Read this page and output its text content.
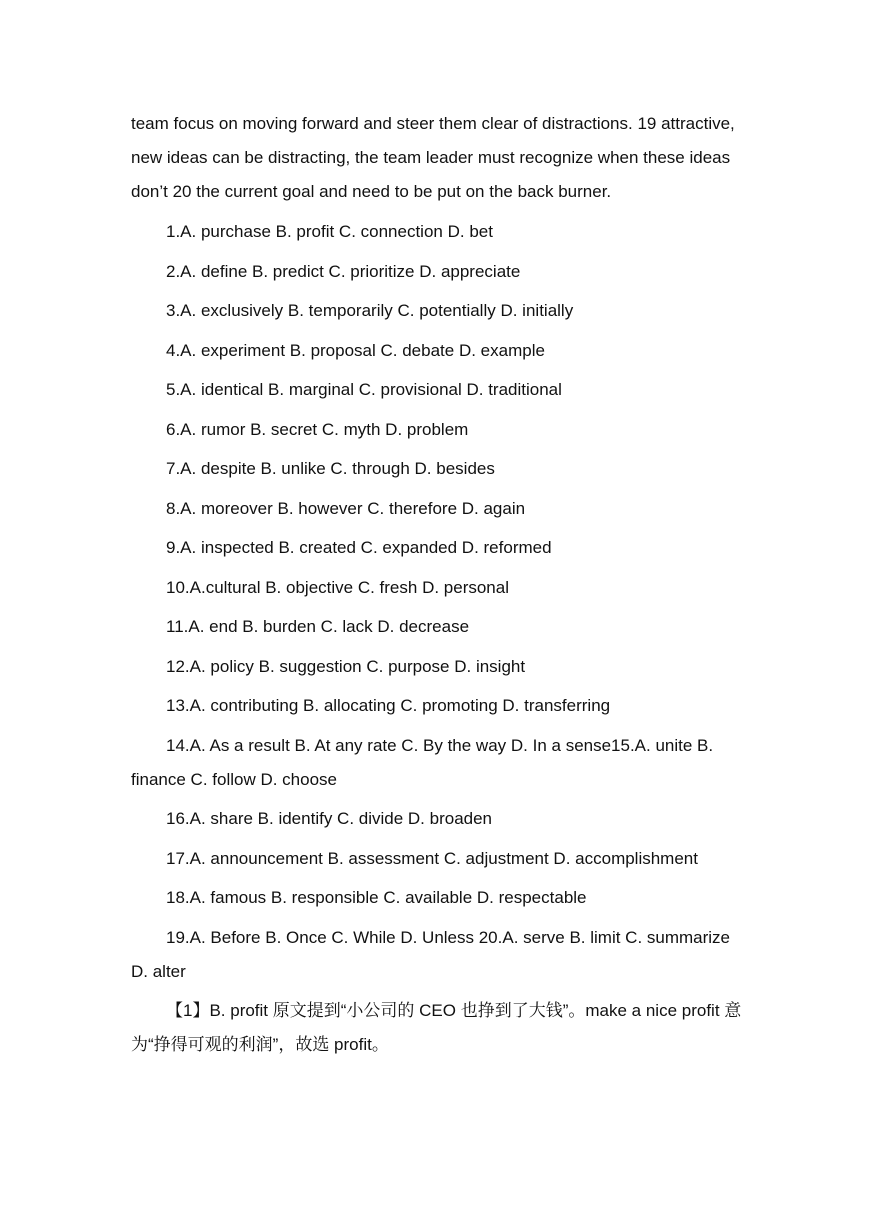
team focus on moving forward and steer them clear of distractions. 19 attractive, new ideas can be distracting, the team leader must recognize when these ideas don’t 20 the current goal and need to be put on the back burner.

1.A. purchase B. profit C. connection D. bet

2.A. define B. predict C. prioritize D. appreciate

3.A. exclusively B. temporarily C. potentially D. initially

4.A. experiment B. proposal C. debate D. example

5.A. identical B. marginal C. provisional D. traditional

6.A. rumor B. secret C. myth D. problem

7.A. despite B. unlike C. through D. besides

8.A. moreover B. however C. therefore D. again

9.A. inspected B. created C. expanded D. reformed

10.A.cultural B. objective C. fresh D. personal

11.A. end B. burden C. lack D. decrease

12.A. policy B. suggestion C. purpose D. insight

13.A. contributing B. allocating C. promoting D. transferring

14.A. As a result B. At any rate C. By the way D. In a sense15.A. unite B. finance C. follow D. choose

16.A. share B. identify C. divide D. broaden

17.A. announcement B. assessment C. adjustment D. accomplishment

18.A. famous B. responsible C. available D. respectable

19.A. Before B. Once C. While D. Unless 20.A. serve B. limit C. summarize D. alter

【1】B. profit 原文提到“小公司的 CEO 也挣到了大钱”。make a nice profit 意为“挣得可观的利润”，故选 profit。
